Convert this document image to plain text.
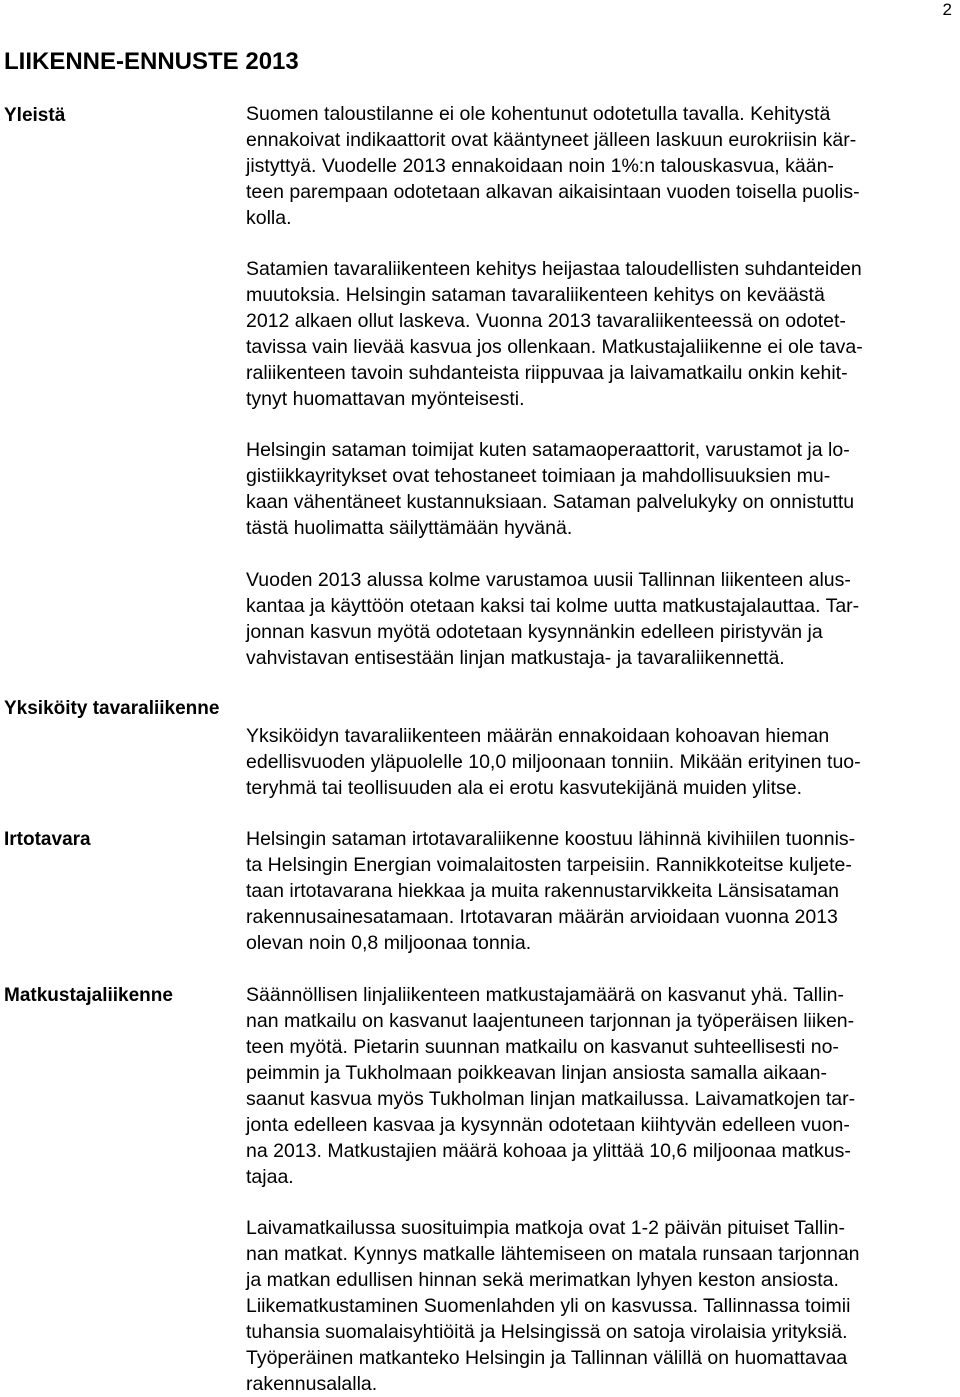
2
LIIKENNE-ENNUSTE 2013
Yleistä
Yksiköity tavaraliikenne
Irtotavara
Matkustajaliikenne
Suomen taloustilanne ei ole kohentunut odotetulla tavalla. Kehitystä
ennakoivat indikaattorit ovat kääntyneet jälleen laskuun eurokriisin kär-
jistyttyä. Vuodelle 2013 ennakoidaan noin 1%:n talouskasvua, kään-
teen parempaan odotetaan alkavan aikaisintaan vuoden toisella puolis-
kolla.
Satamien tavaraliikenteen kehitys heijastaa taloudellisten suhdanteiden
muutoksia. Helsingin sataman tavaraliikenteen kehitys on keväästä
2012 alkaen ollut laskeva. Vuonna 2013 tavaraliikenteessä on odotet-
tavissa vain lievää kasvua jos ollenkaan. Matkustajaliikenne ei ole tava-
raliikenteen tavoin suhdanteista riippuvaa ja laivamatkailu onkin kehit-
tynyt huomattavan myönteisesti.
Helsingin sataman toimijat kuten satamaoperaattorit, varustamot ja lo-
gistiikkayritykset ovat tehostaneet toimiaan ja mahdollisuuksien mu-
kaan vähentäneet kustannuksiaan. Sataman palvelukyky on onnistuttu
tästä huolimatta säilyttämään hyvänä.
Vuoden 2013 alussa kolme varustamoa uusii Tallinnan liikenteen alus-
kantaa ja käyttöön otetaan kaksi tai kolme uutta matkustajalauttaa. Tar-
jonnan kasvun myötä odotetaan kysynnänkin edelleen piristyvän ja
vahvistavan entisestään linjan matkustaja- ja tavaraliikennettä.
Yksiköidyn tavaraliikenteen määrän ennakoidaan kohoavan hieman
edellisvuoden yläpuolelle 10,0 miljoonaan tonniin. Mikään erityinen tuo-
teryhmä tai teollisuuden ala ei erotu kasvutekijänä muiden ylitse.
Helsingin sataman irtotavaraliikenne koostuu lähinnä kivihiilen tuonnis-
ta Helsingin Energian voimalaitosten tarpeisiin. Rannikkoteitse kuljete-
taan irtotavarana hiekkaa ja muita rakennustarvikkeita Länsisataman
rakennusainesatamaan. Irtotavaran määrän arvioidaan vuonna 2013
olevan noin 0,8 miljoonaa tonnia.
Säännöllisen linjaliikenteen matkustajamäärä on kasvanut yhä. Tallin-
nan matkailu on kasvanut laajentuneen tarjonnan ja työperäisen liiken-
teen myötä. Pietarin suunnan matkailu on kasvanut suhteellisesti no-
peimmin ja Tukholmaan poikkeavan linjan ansiosta samalla aikaan-
saanut kasvua myös Tukholman linjan matkailussa. Laivamatkojen tar-
jonta edelleen kasvaa ja kysynnän odotetaan kiihtyvän edelleen vuon-
na 2013. Matkustajien määrä kohoaa ja ylittää 10,6 miljoonaa matkus-
tajaa.
Laivamatkailussa suosituimpia matkoja ovat 1-2 päivän pituiset Tallin-
nan matkat. Kynnys matkalle lähtemiseen on matala runsaan tarjonnan
ja matkan edullisen hinnan sekä merimatkan lyhyen keston ansiosta.
Liikematkustaminen Suomenlahden yli on kasvussa. Tallinnassa toimii
tuhansia suomalaisyhtiöitä ja Helsingissä on satoja virolaisia yrityksiä.
Työperäinen matkanteko Helsingin ja Tallinnan välillä on huomattavaa
rakennusalalla.
